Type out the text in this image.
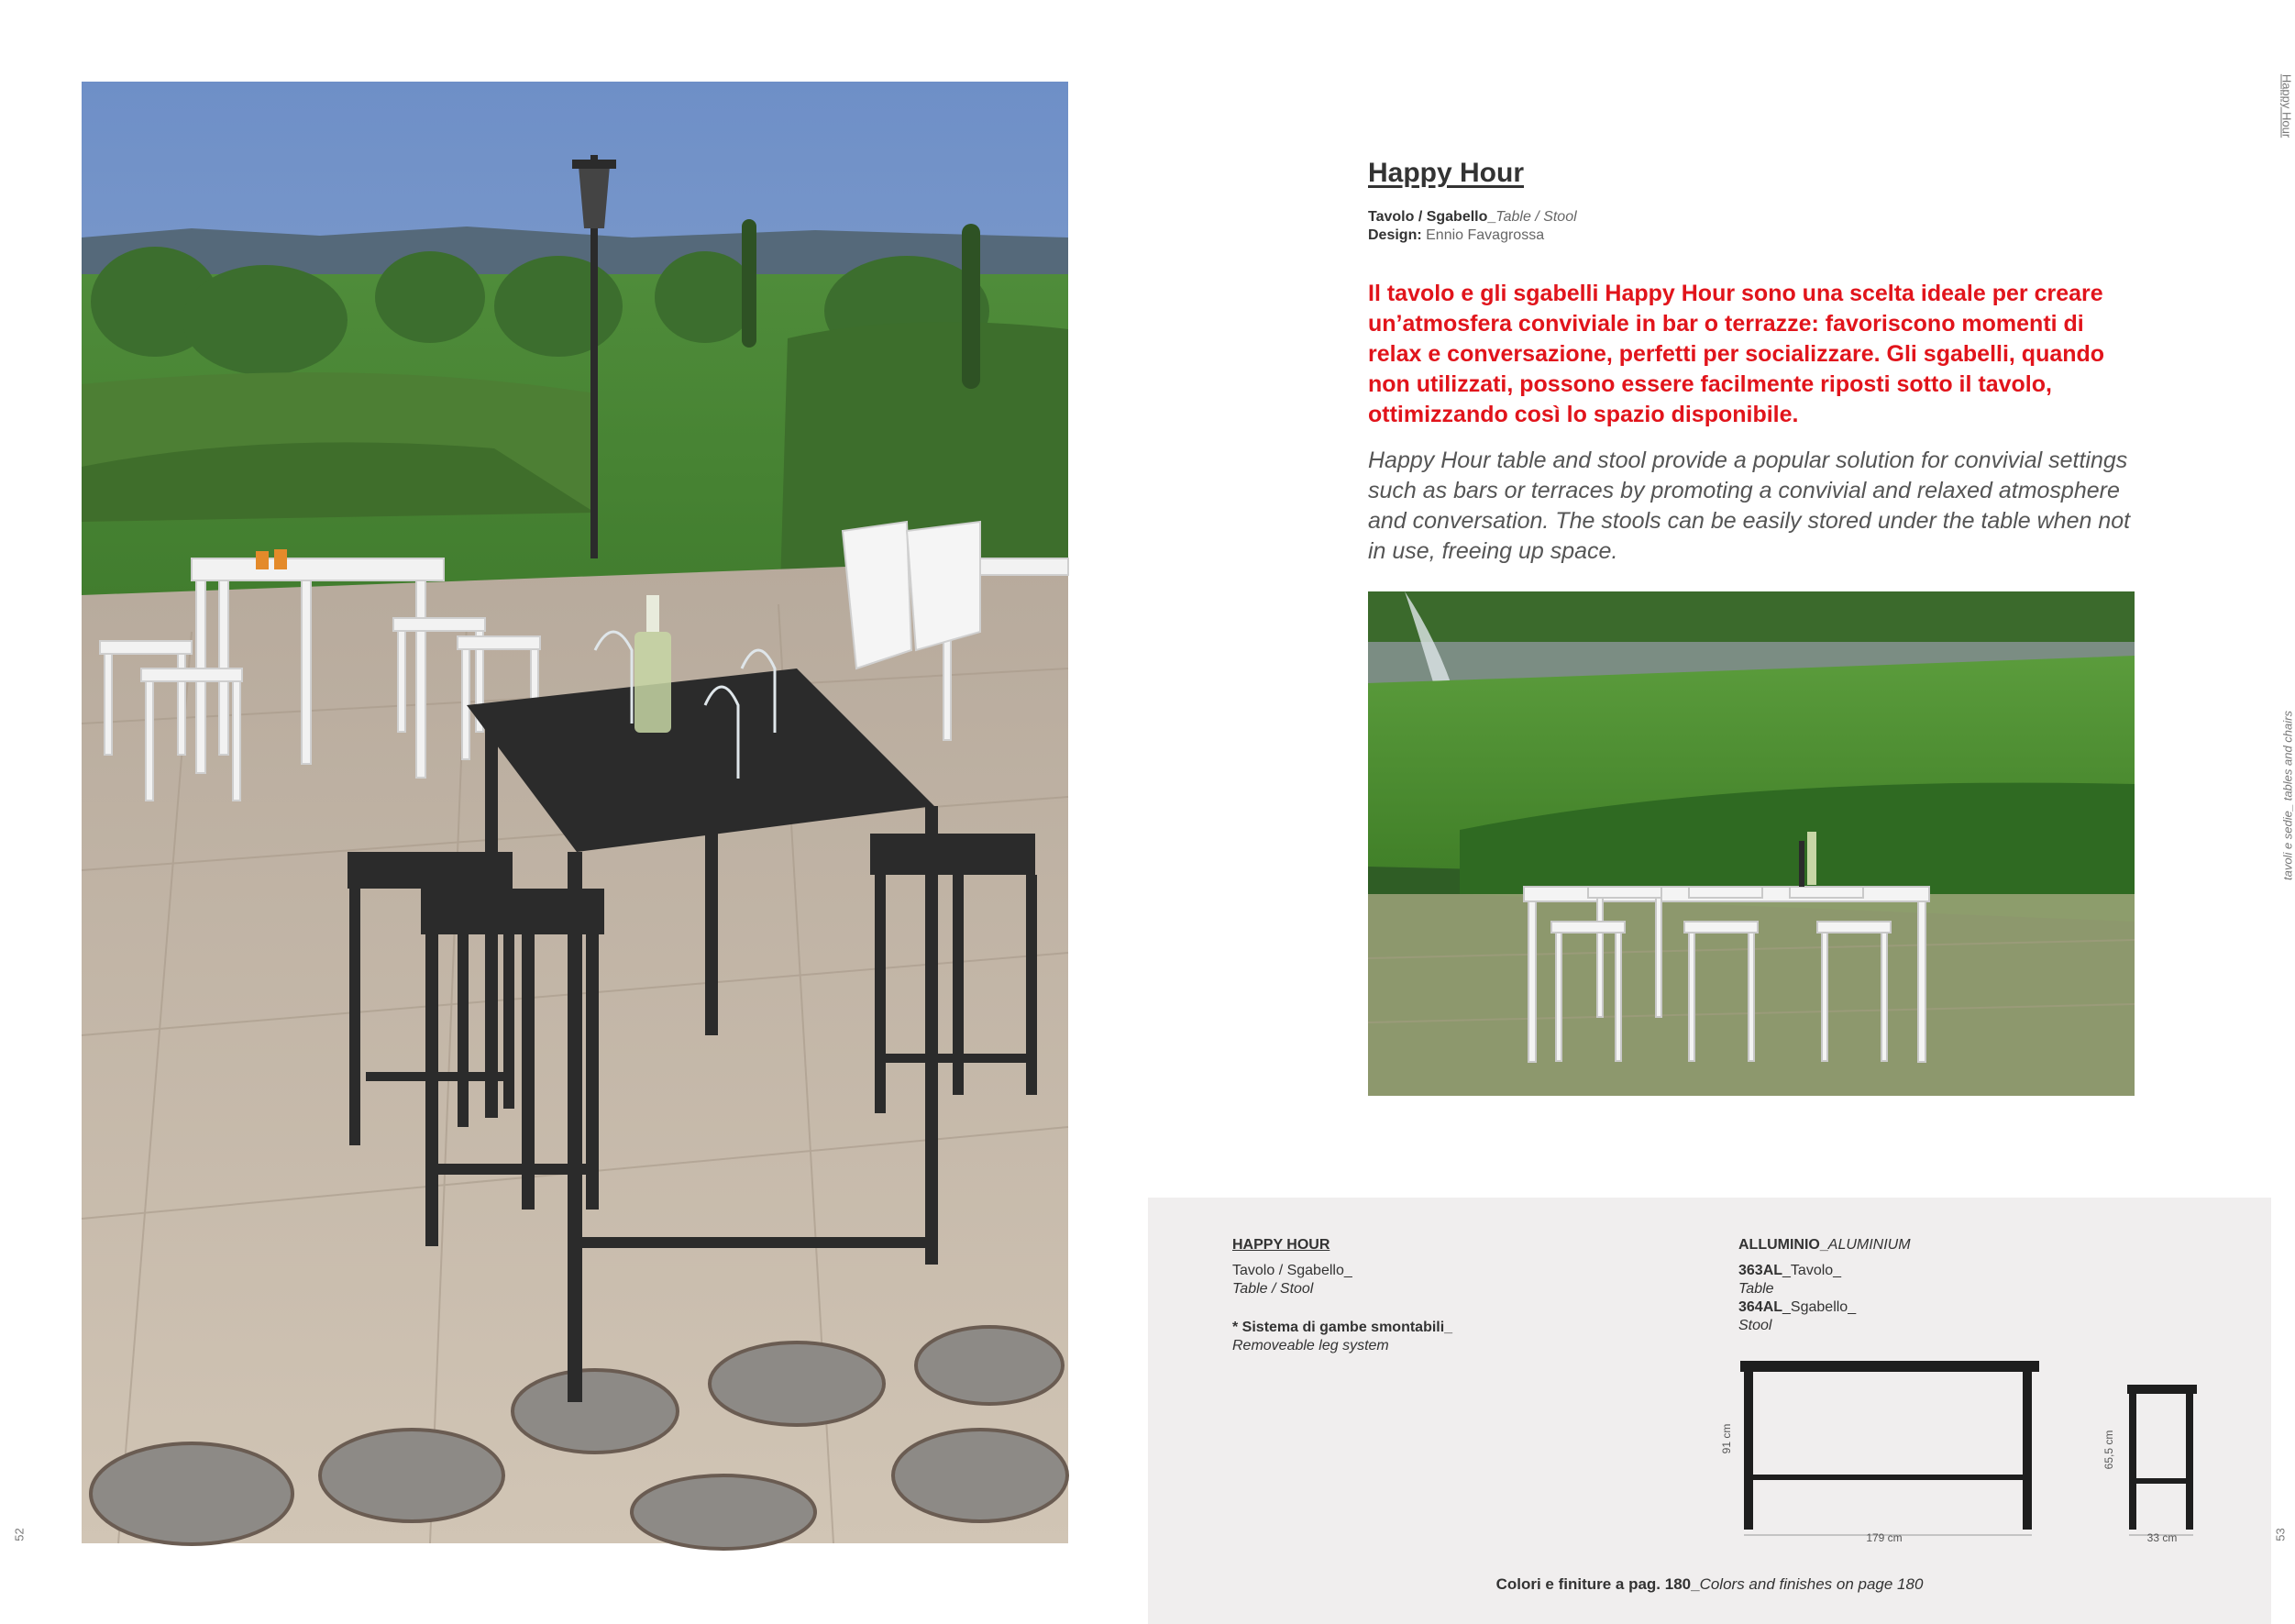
Happy Hour
Tavolo / Sgabello_Table / Stool
Design: Ennio Favagrossa
Il tavolo e gli sgabelli Happy Hour sono una scelta ideale per creare un’atmosfera conviviale in bar o terrazze: favoriscono momenti di relax e conversazione, perfetti per socializzare. Gli sgabelli, quando non utilizzati, possono essere facilmente riposti sotto il tavolo, ottimizzando così lo spazio disponibile.
Happy Hour table and stool provide a popular solution for convivial settings such as bars or terraces by promoting a convivial and relaxed atmosphere and conversation. The stools can be easily stored under the table when not in use, freeing up space.
HAPPY HOUR
Tavolo / Sgabello_
Table / Stool
* Sistema di gambe smontabili_
Removeable leg system
ALLUMINIO_ALUMINIUM
363AL_Tavolo_
Table
364AL_Sgabello_
Stool
91 cm
179 cm
65,5 cm
33 cm
Colori e finiture a pag. 180_Colors and finishes on page 180
52	53
Happy Hour
tavoli e sedie_ tables and chairs
